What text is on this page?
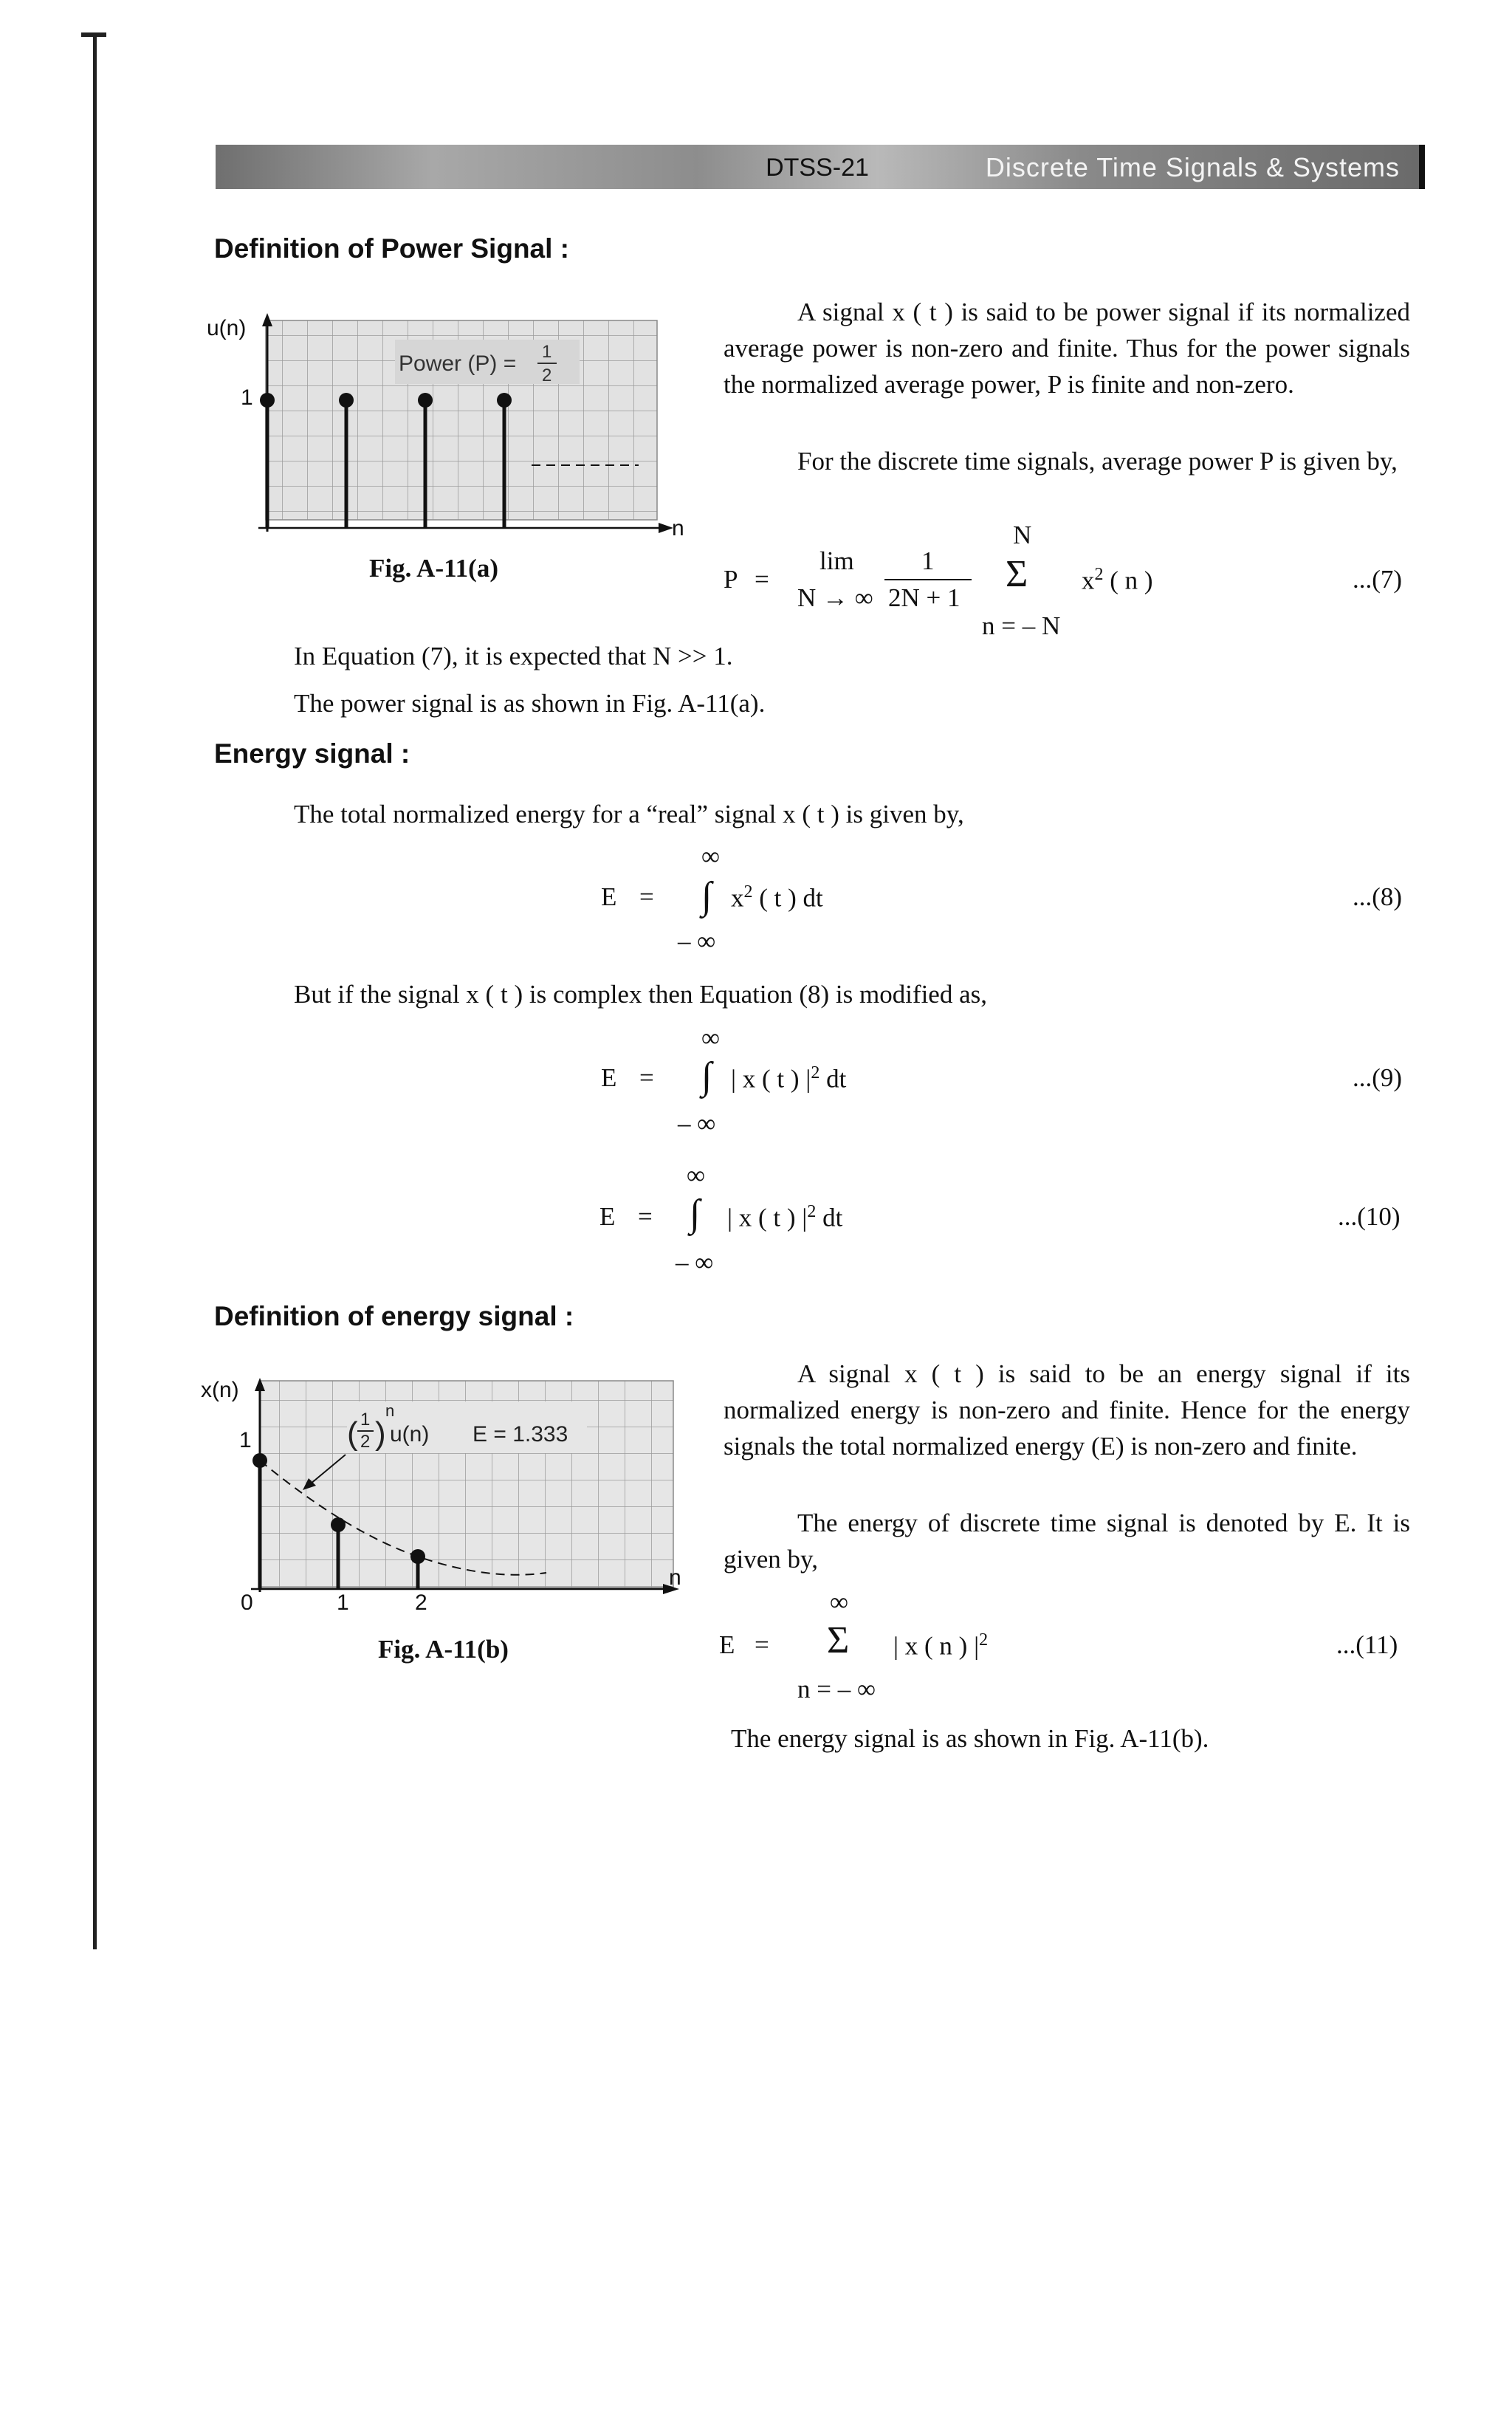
DTSS-21	Discrete Time Signals & Systems
Definition of Power Signal :
n
u(n)
1
Power (P) = 1
2
Fig. A-11(a)
A signal x ( t ) is said to be power signal if its normalized average power is non-zero and finite. Thus for the power signals the normalized average power, P is finite and non-zero.
For the discrete time signals, average power P is given by,
P =
lim
N → ∞
1
2N + 1
N
Σ
n = – N
$x^2$ ( n )	...(7)
In Equation (7), it is expected that N >> 1.
The power signal is as shown in Fig. A-11(a).
Energy signal :
The total normalized energy for a “real” signal x ( t ) is given by,
E =
∞
∫ $x^2$ ( t ) dt
– ∞
...(8)
But if the signal x ( t ) is complex then Equation (8) is modified as,
E =
∞
∫ | x ( t ) $|^2$ dt
– ∞
...(9)
E =
∞
∫ | x ( t ) $|^2$ dt
– ∞
...(10)
Definition of energy signal :
n
x(n)
1
0	1	2
( 1
2 )
n
u(n) E = 1.333
Fig. A-11(b)
A signal x ( t ) is said to be an energy signal if its normalized energy is non-zero and finite. Hence for the energy signals the total normalized energy (E) is non-zero and finite.
The energy of discrete time signal is denoted by E. It is given by,
E =
∞
Σ
n = – ∞
| x ( n ) $|^2$	...(11)
The energy signal is as shown in Fig. A-11(b).
